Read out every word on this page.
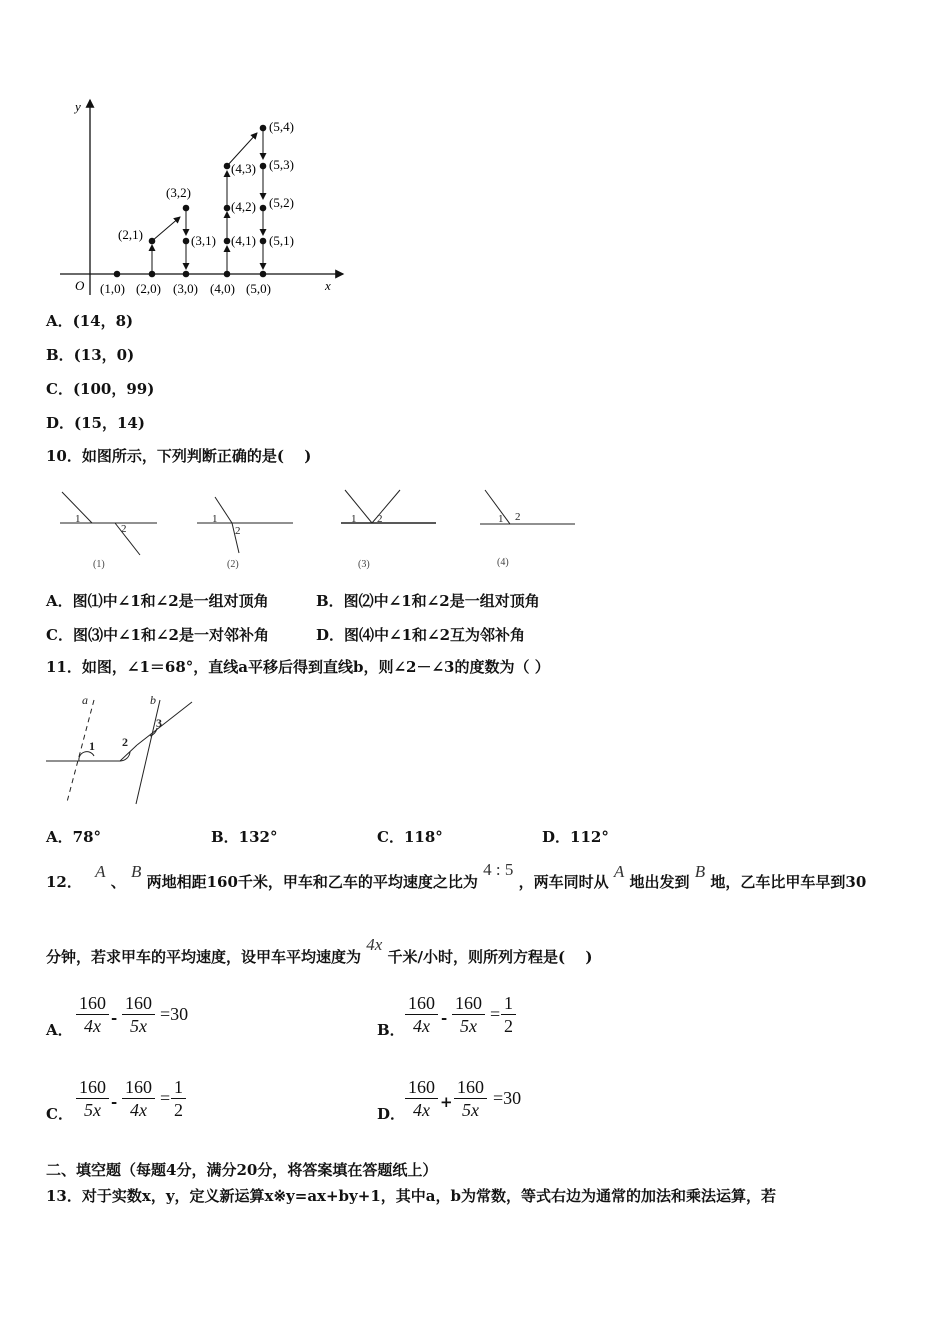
x
y
O (1,0) (2,0) (3,0) (4,0) (5,0)
(2,1)
(3,2)
(3,1)
(4,3)
(4,2)
(4,1)
(5,4)
(5,3)
(5,2)
(5,1)
A．(14，8)
B．(13，0)
C．(100，99)
D．(15，14)
10．如图所示，下列判断正确的是(　 )
1
2
1
2
1 2	1 2
(1)	(2)	(3)	(4)
A．图⑴中∠1和∠2是一组对顶角	B．图⑵中∠1和∠2是一组对顶角
C．图⑶中∠1和∠2是一对邻补角	D．图⑷中∠1和∠2互为邻补角
11．如图，∠1＝68°，直线a平移后得到直线b，则∠2－∠3的度数为（ ）
a	b
1 2
3
A．78°	B．132°	C．118°	D．112°
12． A 、 B 两地相距160千米，甲车和乙车的平均速度之比为 4 : 5 ，两车同时从 A 地出发到 B 地，乙车比甲车早到30
分钟，若求甲车的平均速度，设甲车平均速度为 4x 千米/小时，则所列方程是(　 )
A． $\frac{160}{4x} - \frac{160}{5x} =30$
B． $\frac{160}{4x} - \frac{160}{5x} = \frac{1}{2}$
C． $\frac{160}{5x} - \frac{160}{4x} = \frac{1}{2}$	D． $\frac{160}{4x} + \frac{160}{5x} =30$
二、填空题（每题4分，满分20分，将答案填在答题纸上）
13．对于实数x，y，定义新运算x※y=ax+by+1，其中a，b为常数，等式右边为通常的加法和乘法运算，若
